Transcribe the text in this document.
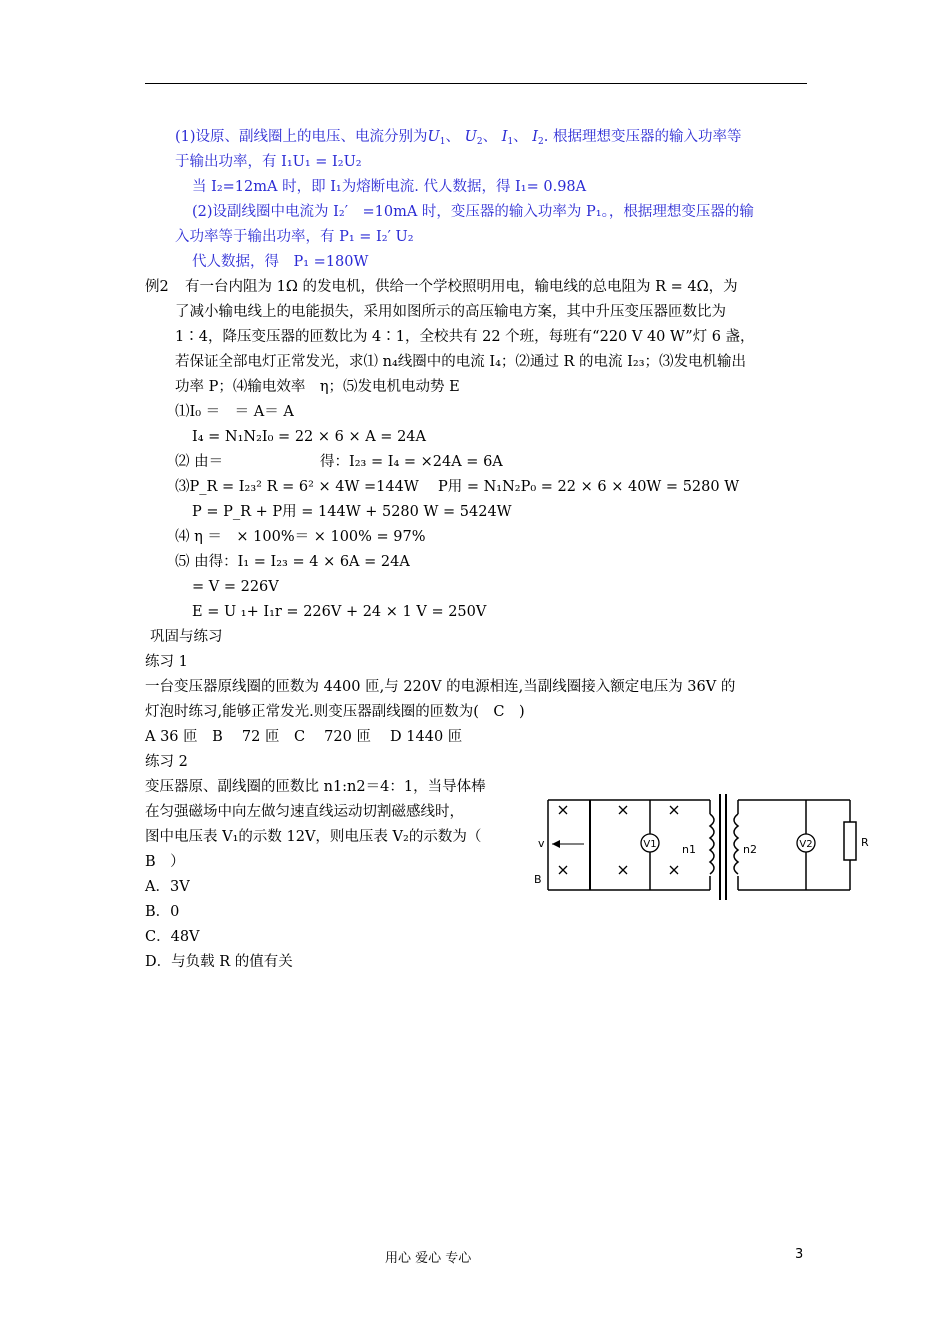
(1)设原、副线圈上的电压、电流分别为$U_1$、 $U_2$、 $I_1$、 $I_2$. 根据理想变压器的输入功率等
于输出功率，有 I₁U₁ = I₂U₂
当 I₂=12mA 时，即 I₁为熔断电流. 代人数据，得 I₁= 0.98A
(2)设副线圈中电流为 I₂′　=10mA 时，变压器的输入功率为 P₁。，根据理想变压器的输
入功率等于输出功率，有 P₁ = I₂′ U₂
代人数据，得　P₁ =180W
例2 有一台内阻为 1Ω 的发电机，供给一个学校照明用电，输电线的总电阻为 R = 4Ω，为
了减小输电线上的电能损失，采用如图所示的高压输电方案，其中升压变压器匝数比为
1∶4，降压变压器的匝数比为 4∶1，全校共有 22 个班，每班有“220 V 40 W”灯 6 盏，
若保证全部电灯正常发光，求⑴ n₄线圈中的电流 I₄；⑵通过 R 的电流 I₂₃；⑶发电机输出
功率 P；⑷输电效率　η；⑸发电机电动势 E
⑴I₀ ＝　＝ A＝ A
I₄ = N₁N₂I₀ = 22 × 6 × A = 24A
⑵ 由＝	得：I₂₃ = I₄ = ×24A = 6A
⑶P_R = I₂₃² R = 6² × 4W =144W P用 = N₁N₂P₀ = 22 × 6 × 40W = 5280 W
P = P_R + P用 = 144W + 5280 W = 5424W
⑷ η ＝　× 100%＝ × 100% = 97%
⑸ 由得：I₁ = I₂₃ = 4 × 6A = 24A
= V = 226V
E = U ₁+ I₁r = 226V + 24 × 1 V = 250V
巩固与练习
练习 1
一台变压器原线圈的匝数为 4400 匝,与 220V 的电源相连,当副线圈接入额定电压为 36V 的
灯泡时练习,能够正常发光.则变压器副线圈的匝数为(　C　)
A 36 匝　B　 72 匝　C　 720 匝　 D 1440 匝
练习 2
变压器原、副线圈的匝数比 n1:n2＝4：1，当导体棒
在匀强磁场中向左做匀速直线运动切割磁感线时，
图中电压表 V₁的示数 12V，则电压表 V₂的示数为（
B　）
A．3V
B．0
C．48V
D．与负载 R 的值有关
V1	V2
v
B
n1	n2
R
用心 爱心 专心	3
